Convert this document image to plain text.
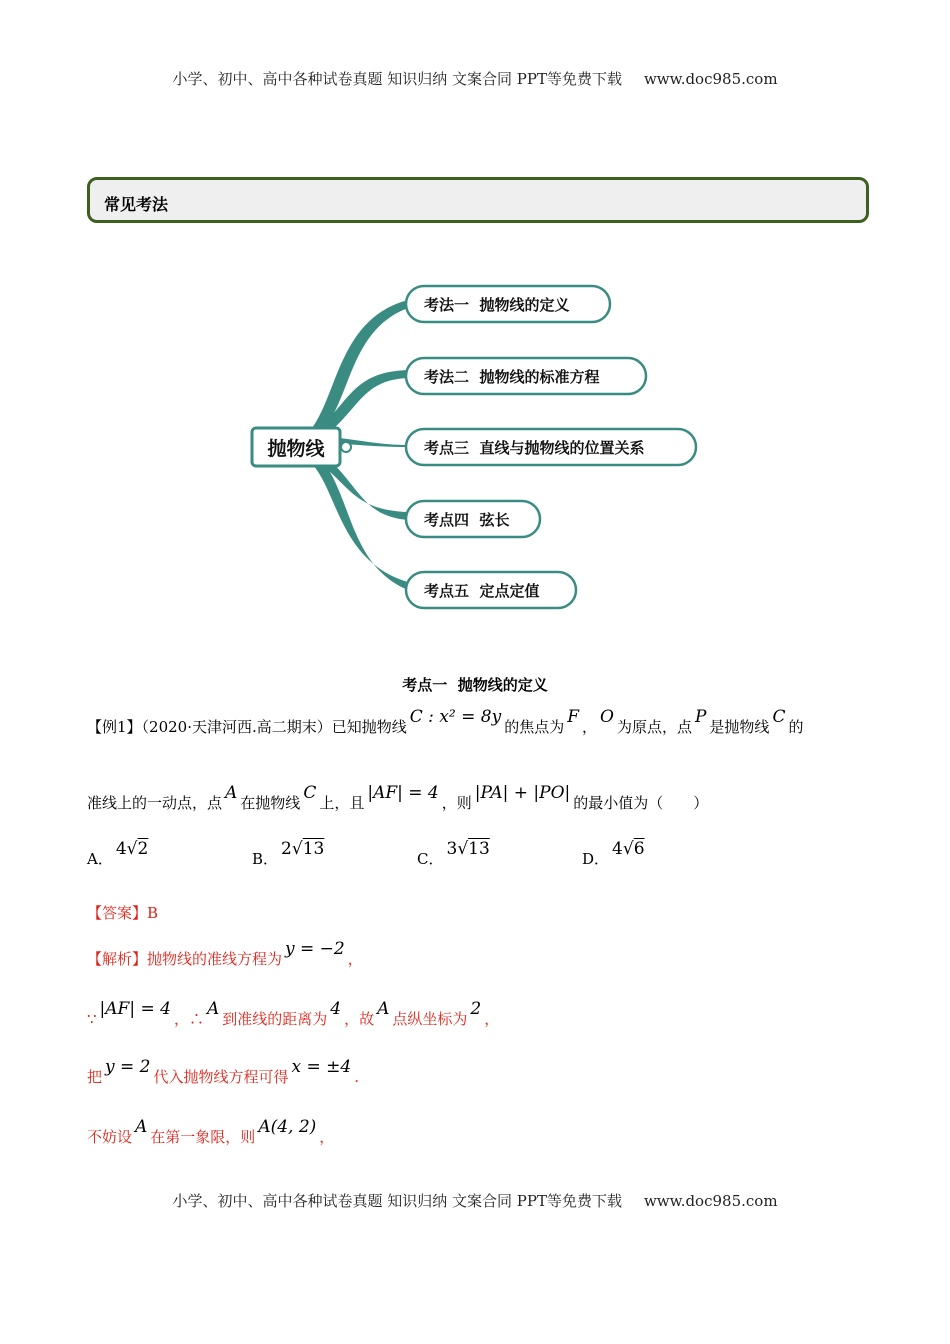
小学、初中、高中各种试卷真题 知识归纳 文案合同 PPT等免费下载 www.doc985.com
常见考法
抛物线
考法一  抛物线的定义
考法二  抛物线的标准方程
考点三  直线与抛物线的位置关系
考点四  弦长
考点五  定点定值
考点一  抛物线的定义
【例1】（2020·天津河西.高二期末）已知抛物线 C : x² = 8y 的焦点为 F ， O 为原点，点 P 是抛物线 C 的
准线上的一动点，点 A 在抛物线 C 上，且 |AF| = 4 ，则 |PA| + |PO| 的最小值为（　　）
A． 4√2	B． 2√13	C． 3√13	D． 4√6
【答案】B
【解析】抛物线的准线方程为 y = −2 ，
∵ |AF| = 4 ，∴ A 到准线的距离为 4 ，故 A 点纵坐标为 2 ，
把 y = 2 代入抛物线方程可得 x = ±4 .
不妨设 A 在第一象限，则 A(4, 2) ，
小学、初中、高中各种试卷真题 知识归纳 文案合同 PPT等免费下载 www.doc985.com
